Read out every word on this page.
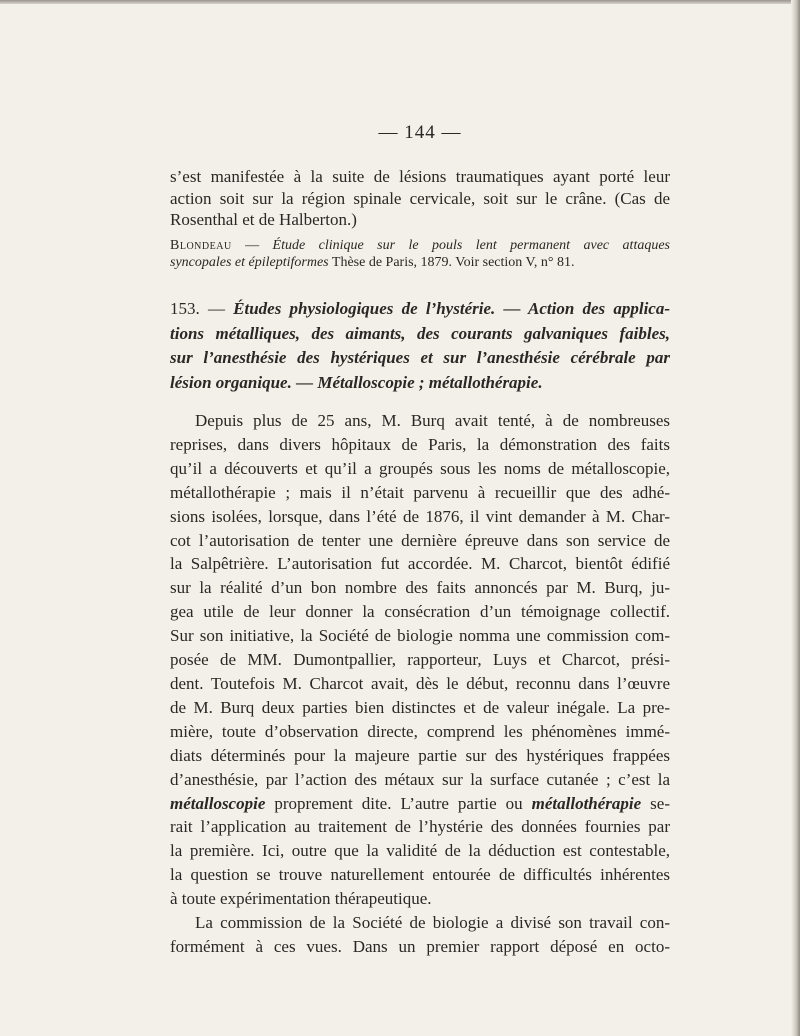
— 144 —
s’est manifestée à la suite de lésions traumatiques ayant porté leur
action soit sur la région spinale cervicale, soit sur le crâne. (Cas de
Rosenthal et de Halberton.)
Blondeau — Étude clinique sur le pouls lent permanent avec attaques
syncopales et épileptiformes Thèse de Paris, 1879. Voir section V, n° 81.
153. — Études physiologiques de l’hystérie. — Action des applica-
tions métalliques, des aimants, des courants galvaniques faibles,
sur l’anesthésie des hystériques et sur l’anesthésie cérébrale par
lésion organique. — Métalloscopie ; métallothérapie.
Depuis plus de 25 ans, M. Burq avait tenté, à de nombreuses
reprises, dans divers hôpitaux de Paris, la démonstration des faits
qu’il a découverts et qu’il a groupés sous les noms de métalloscopie,
métallothérapie ; mais il n’était parvenu à recueillir que des adhé-
sions isolées, lorsque, dans l’été de 1876, il vint demander à M. Char-
cot l’autorisation de tenter une dernière épreuve dans son service de
la Salpêtrière. L’autorisation fut accordée. M. Charcot, bientôt édifié
sur la réalité d’un bon nombre des faits annoncés par M. Burq, ju-
gea utile de leur donner la consécration d’un témoignage collectif.
Sur son initiative, la Société de biologie nomma une commission com-
posée de MM. Dumontpallier, rapporteur, Luys et Charcot, prési-
dent. Toutefois M. Charcot avait, dès le début, reconnu dans l’œuvre
de M. Burq deux parties bien distinctes et de valeur inégale. La pre-
mière, toute d’observation directe, comprend les phénomènes immé-
diats déterminés pour la majeure partie sur des hystériques frappées
d’anesthésie, par l’action des métaux sur la surface cutanée ; c’est la
métalloscopie proprement dite. L’autre partie ou métallothérapie se-
rait l’application au traitement de l’hystérie des données fournies par
la première. Ici, outre que la validité de la déduction est contestable,
la question se trouve naturellement entourée de difficultés inhérentes
à toute expérimentation thérapeutique.
La commission de la Société de biologie a divisé son travail con-
formément à ces vues. Dans un premier rapport déposé en octo-
